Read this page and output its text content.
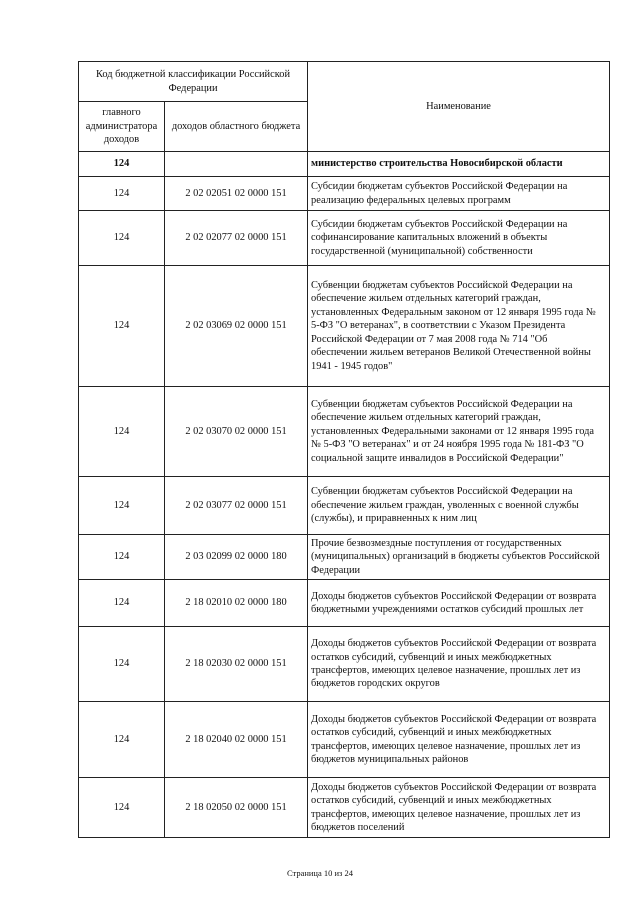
Код бюджетной классификации Российской Федерации		Наименование
главного администратора доходов	доходов областного бюджета	
124		министерство строительства Новосибирской области
124	2 02 02051 02 0000 151	Субсидии бюджетам субъектов Российской Федерации на реализацию федеральных целевых программ
124	2 02 02077 02 0000 151	Субсидии бюджетам субъектов Российской Федерации на софинансирование капитальных вложений в объекты государственной (муниципальной) собственности
124	2 02 03069 02 0000 151	Субвенции бюджетам субъектов Российской Федерации на обеспечение жильем отдельных категорий граждан, установленных Федеральным законом от 12 января 1995 года № 5-ФЗ "О ветеранах", в соответствии с Указом Президента Российской Федерации от 7 мая 2008 года № 714 "Об обеспечении жильем ветеранов Великой Отечественной войны 1941 - 1945 годов"
124	2 02 03070 02 0000 151	Субвенции бюджетам субъектов Российской Федерации на обеспечение жильем отдельных категорий граждан, установленных Федеральными законами от 12 января 1995 года № 5-ФЗ "О ветеранах" и от 24 ноября 1995 года № 181-ФЗ "О социальной защите инвалидов в Российской Федерации"
124	2 02 03077 02 0000 151	Субвенции бюджетам субъектов Российской Федерации на обеспечение жильем граждан, уволенных с военной службы (службы), и приравненных к ним лиц
124	2 03 02099 02 0000 180	Прочие безвозмездные поступления от государственных (муниципальных) организаций в бюджеты субъектов Российской Федерации
124	2 18 02010 02 0000 180	Доходы бюджетов субъектов Российской Федерации от возврата бюджетными учреждениями остатков субсидий прошлых лет
124	2 18 02030 02 0000 151	Доходы бюджетов субъектов Российской Федерации от возврата остатков субсидий, субвенций и иных межбюджетных трансфертов, имеющих целевое назначение, прошлых лет из бюджетов городских округов
124	2 18 02040 02 0000 151	Доходы бюджетов субъектов Российской Федерации от возврата остатков субсидий, субвенций и иных межбюджетных трансфертов, имеющих целевое назначение, прошлых лет из бюджетов муниципальных районов
124	2 18 02050 02 0000 151	Доходы бюджетов субъектов Российской Федерации от возврата остатков субсидий, субвенций и иных межбюджетных трансфертов, имеющих целевое назначение, прошлых лет из бюджетов поселений
Страница 10 из 24
